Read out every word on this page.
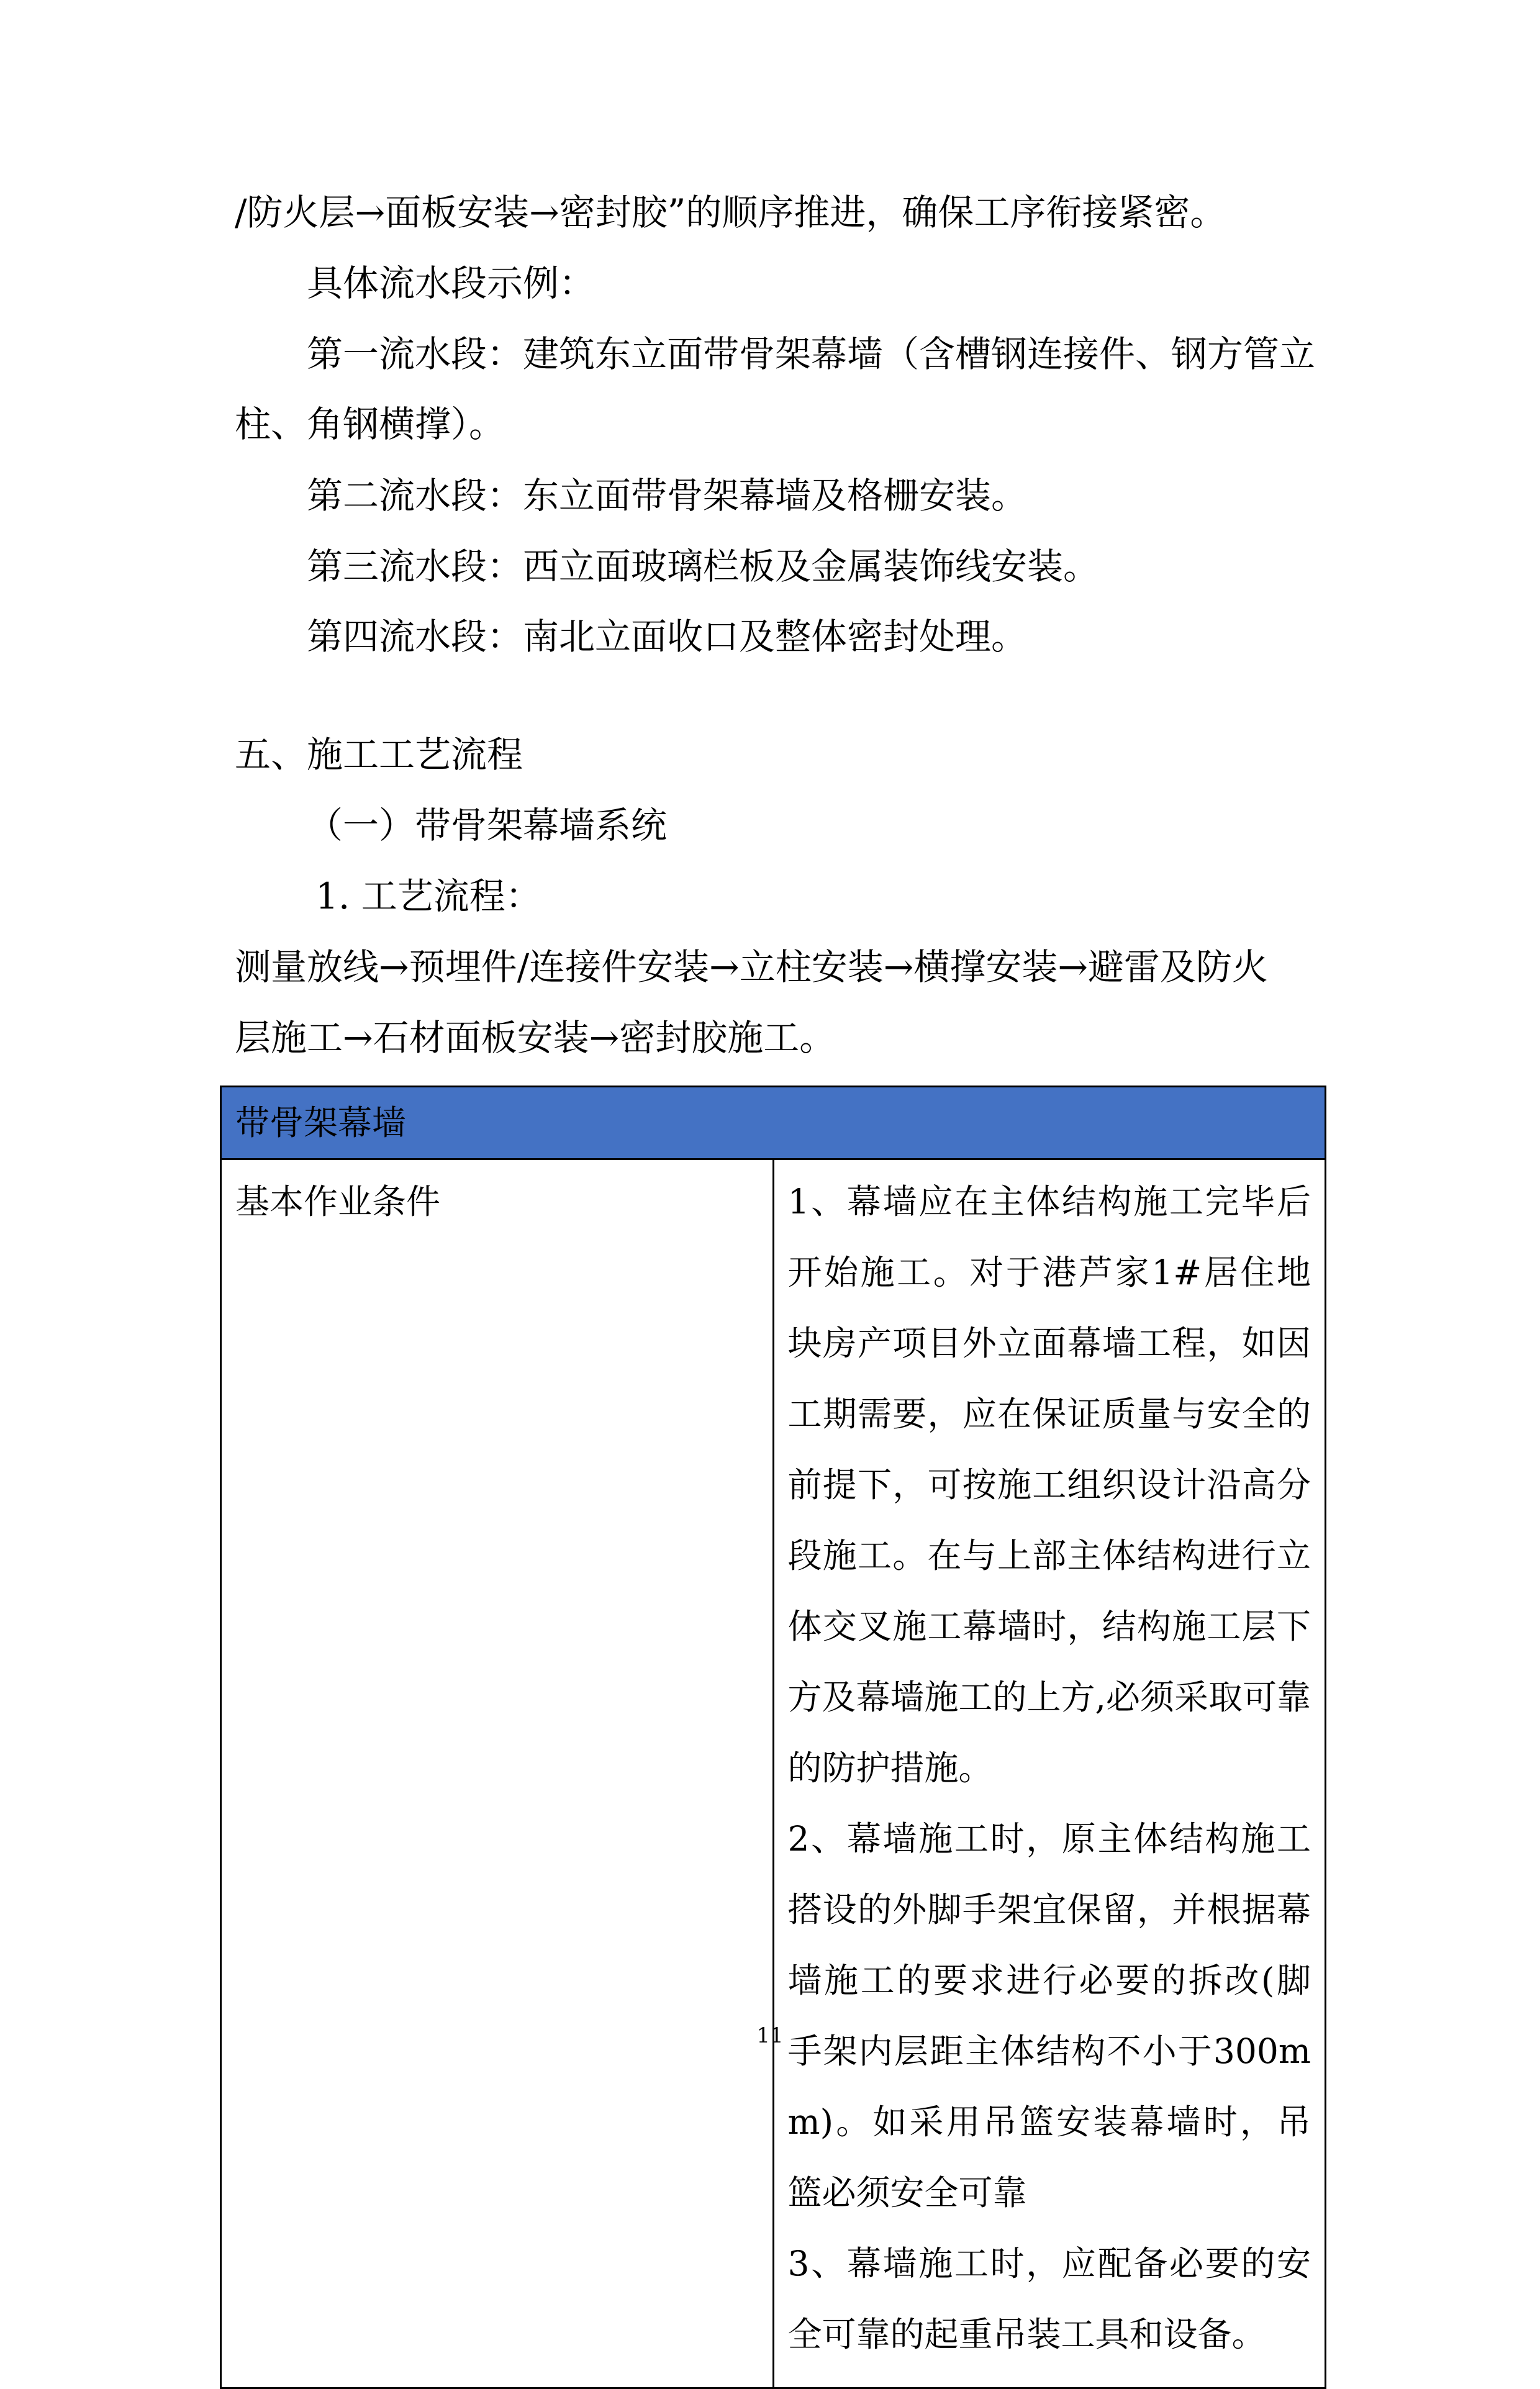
/防火层→面板安装→密封胶”的顺序推进，确保工序衔接紧密。
具体流水段示例：
第一流水段：建筑东立面带骨架幕墙（含槽钢连接件、钢方管立
柱、角钢横撑）。
第二流水段：东立面带骨架幕墙及格栅安装。
第三流水段：西立面玻璃栏板及金属装饰线安装。
第四流水段：南北立面收口及整体密封处理。
五、施工工艺流程
（一）带骨架幕墙系统
1. 工艺流程：
测量放线→预埋件/连接件安装→立柱安装→横撑安装→避雷及防火
层施工→石材面板安装→密封胶施工。
带骨架幕墙
基本作业条件	1、幕墙应在主体结构施工完毕后开始施工。对于港芦家1#居住地块房产项目外立面幕墙工程，如因工期需要，应在保证质量与安全的前提下，可按施工组织设计沿高分段施工。在与上部主体结构进行立体交叉施工幕墙时，结构施工层下方及幕墙施工的上方,必须采取可靠的防护措施。
2、幕墙施工时，原主体结构施工搭设的外脚手架宜保留，并根据幕墙施工的要求进行必要的拆改(脚手架内层距主体结构不小于300mm)。如采用吊篮安装幕墙时，吊篮必须安全可靠
3、幕墙施工时，应配备必要的安全可靠的起重吊装工具和设备。
11
